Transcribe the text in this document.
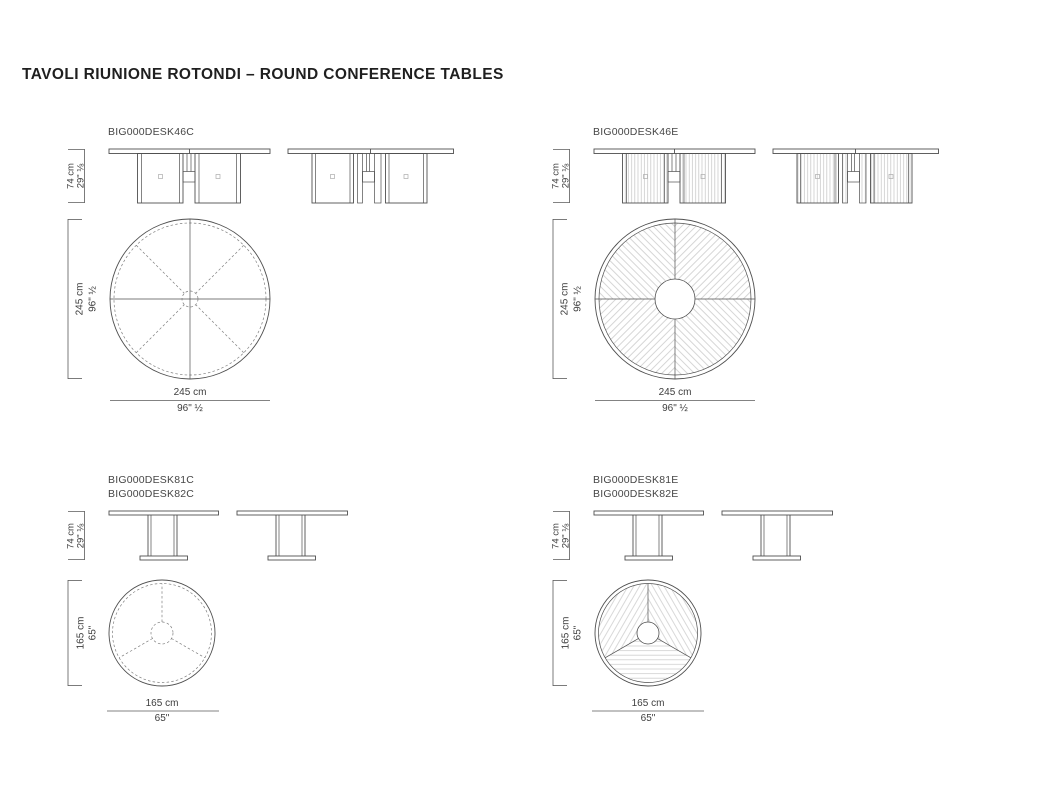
TAVOLI RIUNIONE ROTONDI – ROUND CONFERENCE TABLES
BIG000DESK46C	BIG000DESK46E
BIG000DESK81C
BIG000DESK82C
BIG000DESK81E
BIG000DESK82E
74 cm 29" ⅛	74 cm 29" ⅛
74 cm 29" ⅛	74 cm 29" ⅛
245 cm 96" ½	245 cm 96" ½
165 cm 65"	165 cm 65"
245 cm
96" ½
245 cm
96" ½
165 cm
65"
165 cm
65"
